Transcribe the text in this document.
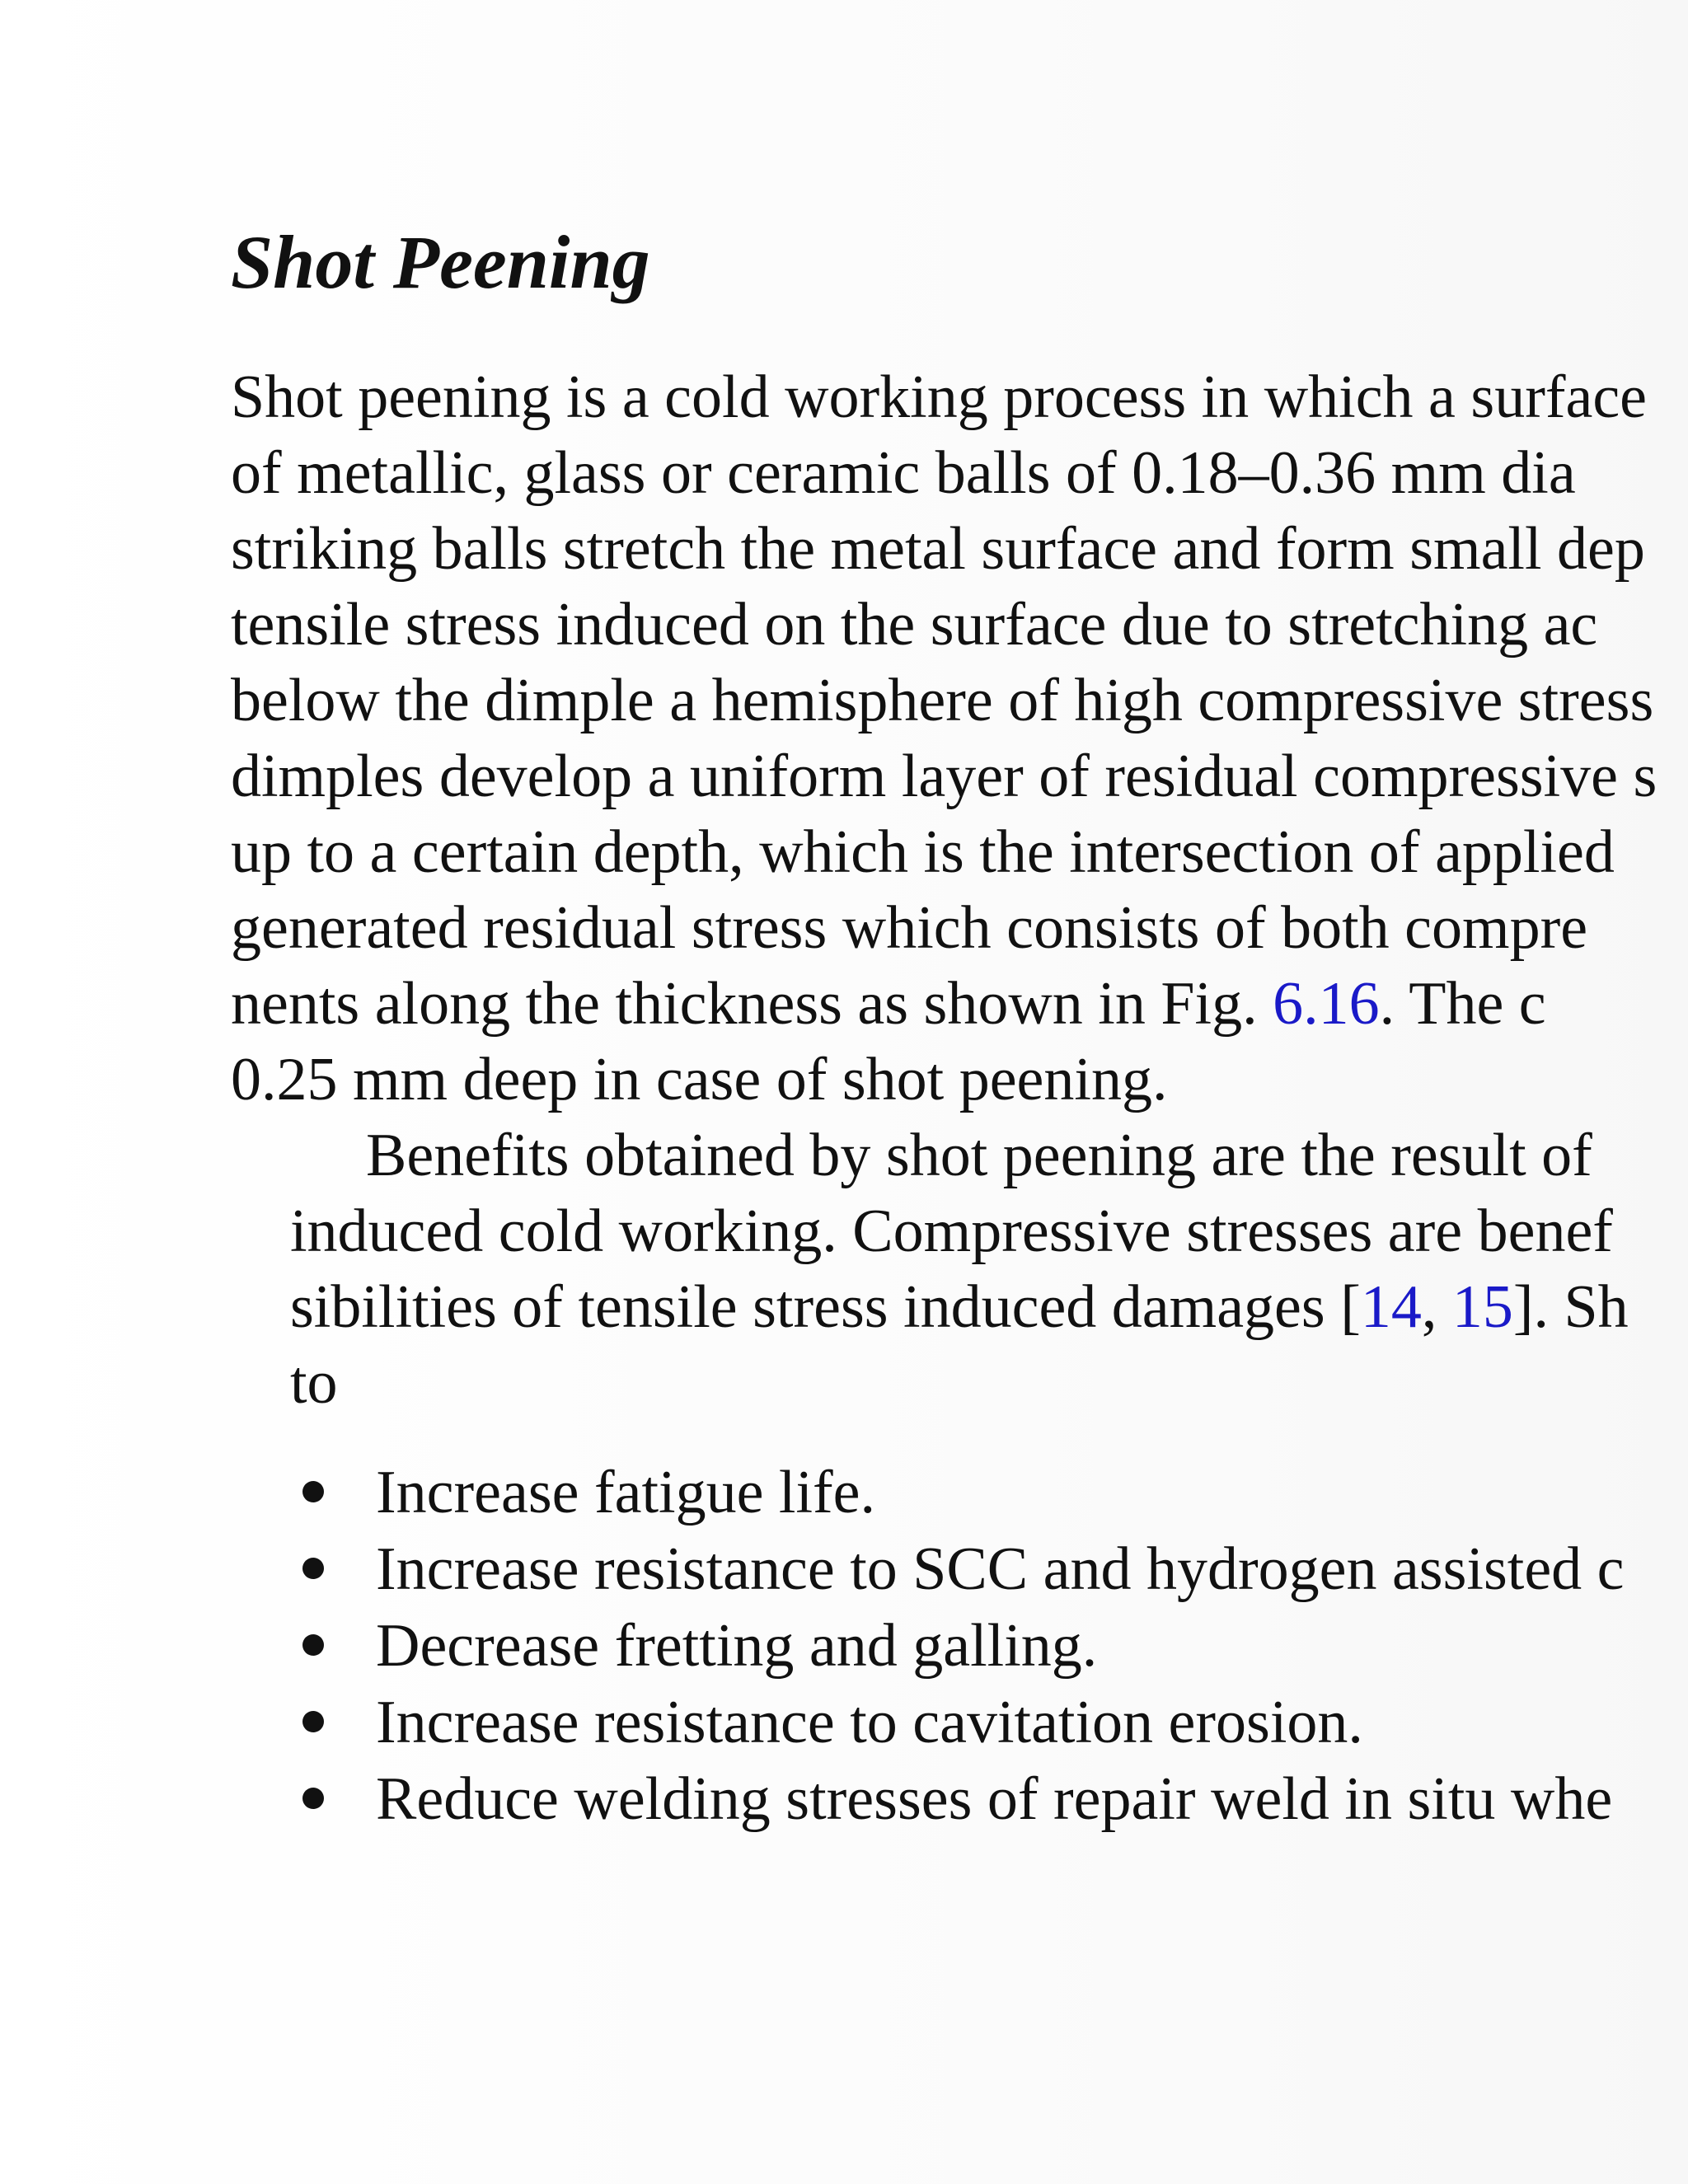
Shot Peening

Shot peening is a cold working process in which a surface

of metallic, glass or ceramic balls of 0.18–0.36 mm dia

striking balls stretch the metal surface and form small dep

tensile stress induced on the surface due to stretching ac

below the dimple a hemisphere of high compressive stress

dimples develop a uniform layer of residual compressive s

up to a certain depth, which is the intersection of applied

generated residual stress which consists of both compre

nents along the thickness as shown in Fig. 6.16. The c

0.25 mm deep in case of shot peening.

Benefits obtained by shot peening are the result of

induced cold working. Compressive stresses are benef

sibilities of tensile stress induced damages [14, 15]. Sh

to

Increase fatigue life.

Increase resistance to SCC and hydrogen assisted c

Decrease fretting and galling.

Increase resistance to cavitation erosion.

Reduce welding stresses of repair weld in situ whe
